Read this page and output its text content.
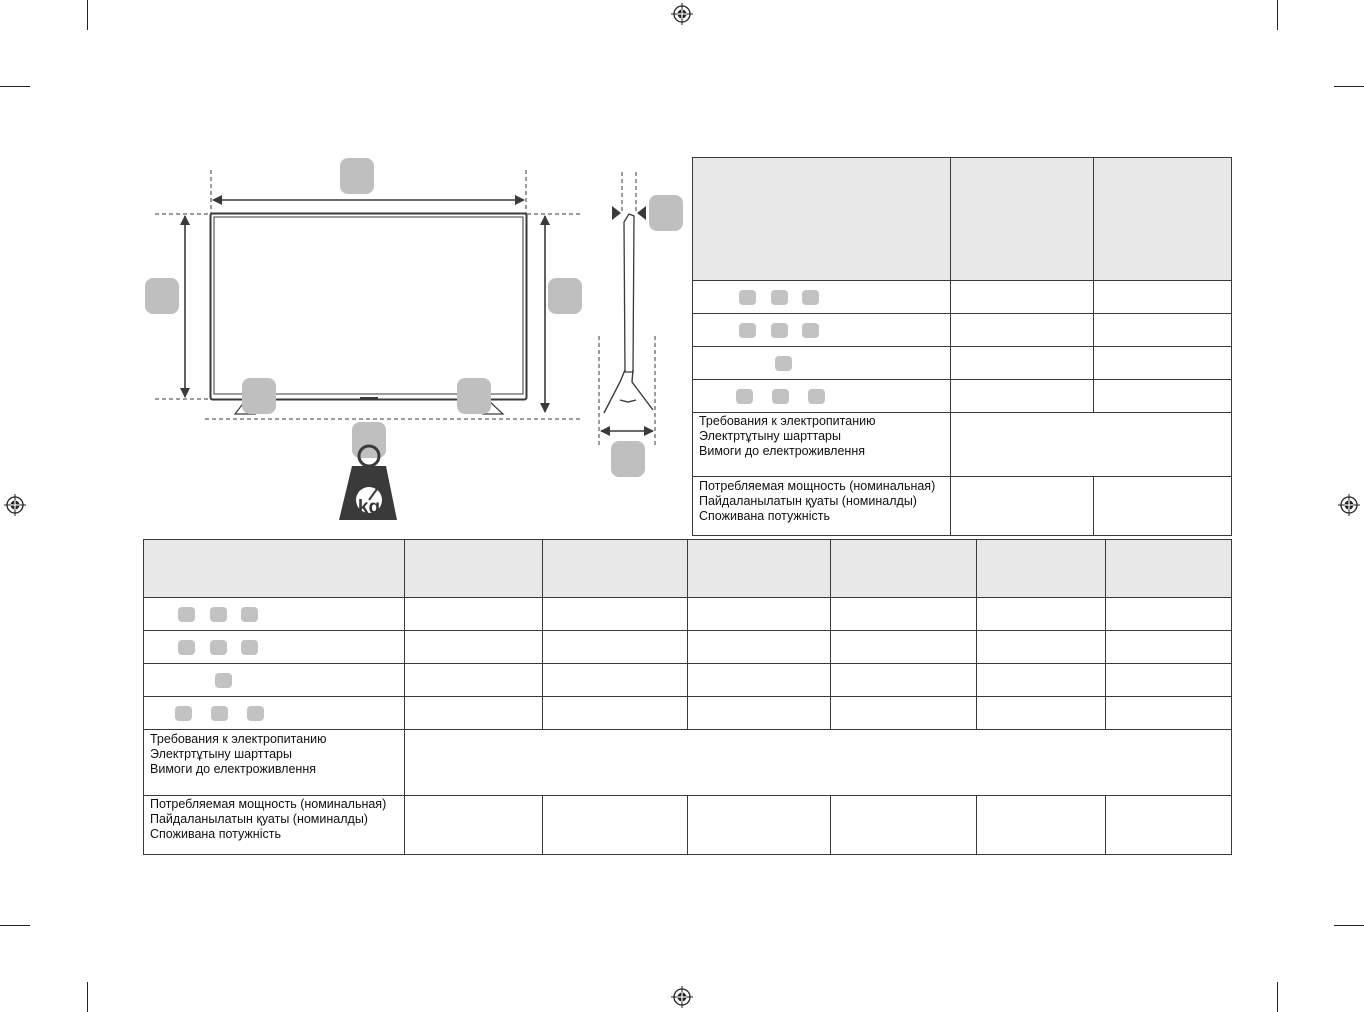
kg

Требования к электропитанию
Электртұтыну шарттары
Вимоги до електроживлення		

Потребляемая мощность (номинальная)
Пайдаланылатын қуаты (номиналды)
Споживана потужність		

Требования к электропитанию
Электртұтыну шарттары
Вимоги до електроживлення						

Потребляемая мощность (номинальная)
Пайдаланылатын қуаты (номиналды)
Споживана потужність						
